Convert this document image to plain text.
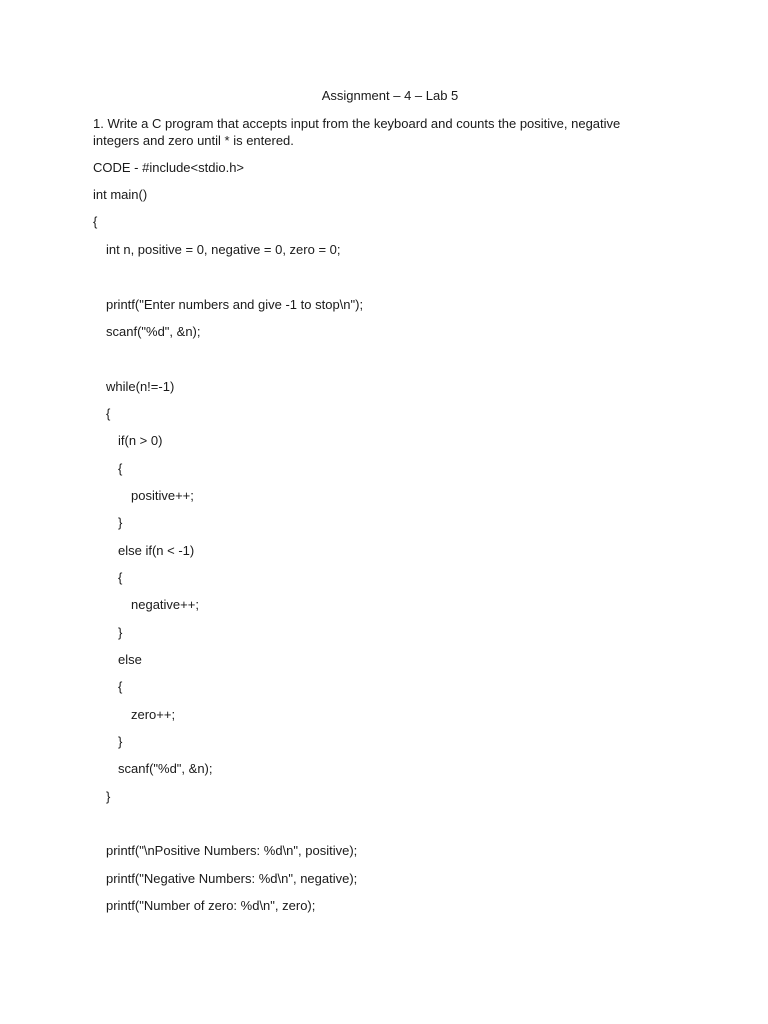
Assignment – 4 – Lab 5

1. Write a C program that accepts input from the keyboard and counts the positive, negative integers and zero until * is entered.

CODE - #include<stdio.h>

int main()

{

int n, positive = 0, negative = 0, zero = 0;

printf("Enter numbers and give -1 to stop\n");

scanf("%d", &n);

while(n!=-1)

{

if(n > 0)

{

positive++;

}

else if(n < -1)

{

negative++;

}

else

{

zero++;

}

scanf("%d", &n);

}

printf("\nPositive Numbers: %d\n", positive);

printf("Negative Numbers: %d\n", negative);

printf("Number of zero: %d\n", zero);
